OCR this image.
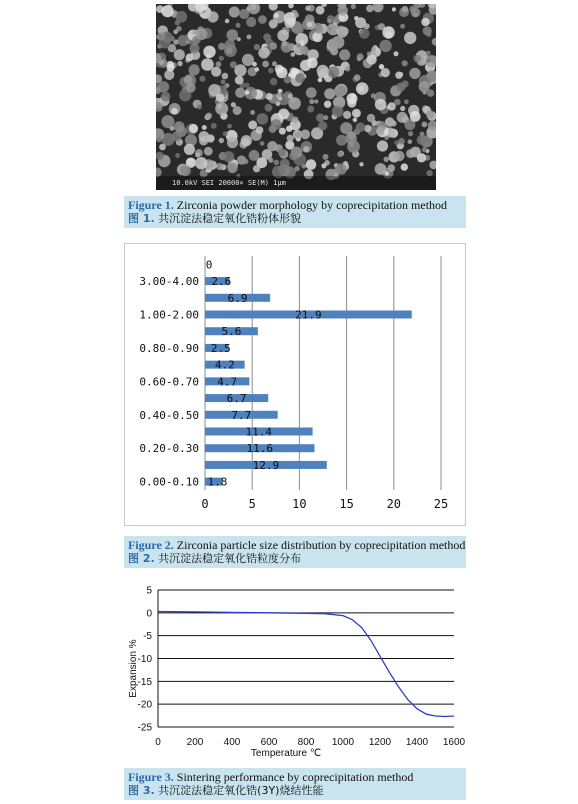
10.0kV SEI 20000× SE(M) 1μm
Figure 1. Zirconia powder morphology by coprecipitation method
图 1. 共沉淀法稳定氧化锆粉体形貌
0	5	10	15	20	25
0
2.6
3.00-4.00
6.9
21.9
1.00-2.00
5.6
2.5
0.80-0.90
4.2
4.7
0.60-0.70
6.7
7.7
0.40-0.50
11.4
11.6
0.20-0.30
12.9
1.8
0.00-0.10
Figure 2. Zirconia particle size distribution by coprecipitation method
图 2. 共沉淀法稳定氧化锆粒度分布
5
0
-5
-10
-15
-20
-25
0	200 400 600 800 1000 1200 1400 1600
Temperature ℃
Expansion %
Figure 3. Sintering performance by coprecipitation method
图 3. 共沉淀法稳定氧化锆(3Y)烧结性能
